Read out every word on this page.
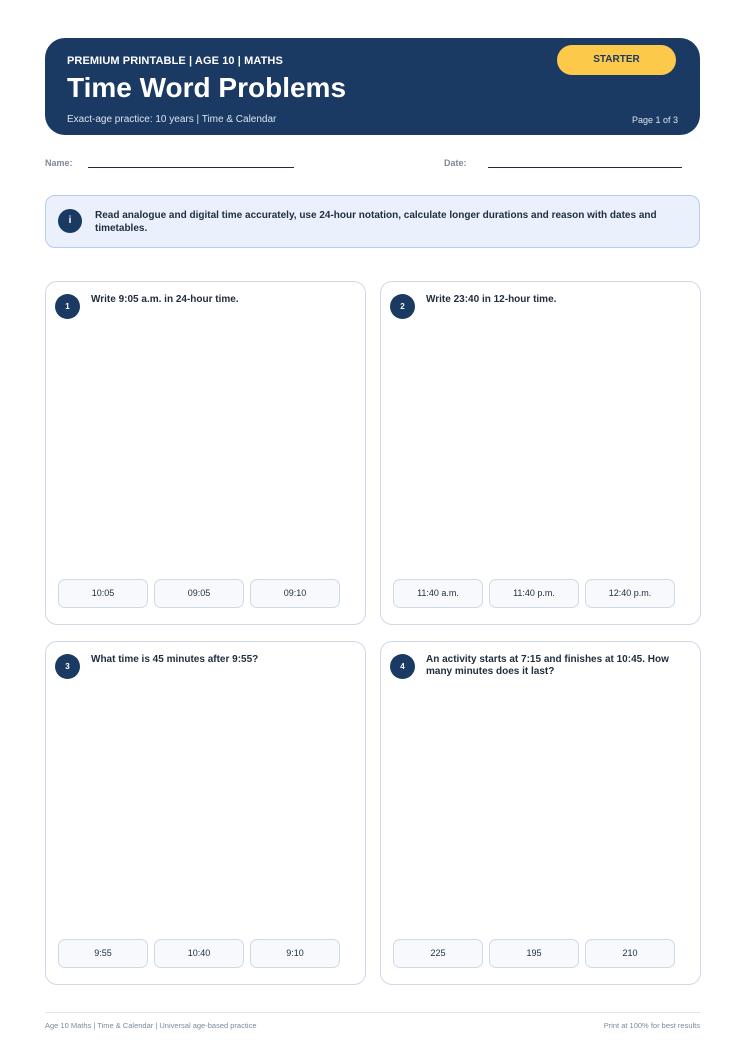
PREMIUM PRINTABLE | AGE 10 | MATHS
Time Word Problems
Exact-age practice: 10 years | Time & Calendar	Page 1 of 3
STARTER
Name:	Date:
i	Read analogue and digital time accurately, use 24-hour notation, calculate longer durations and reason with dates and timetables.
1
Write 9:05 a.m. in 24-hour time.
10:05	09:05	09:10
2
Write 23:40 in 12-hour time.
11:40 a.m.	11:40 p.m.	12:40 p.m.
3
What time is 45 minutes after 9:55?
9:55	10:40	9:10
4
An activity starts at 7:15 and finishes at 10:45. How many minutes does it last?
225	195	210
Age 10 Maths | Time & Calendar | Universal age-based practice	Print at 100% for best results
